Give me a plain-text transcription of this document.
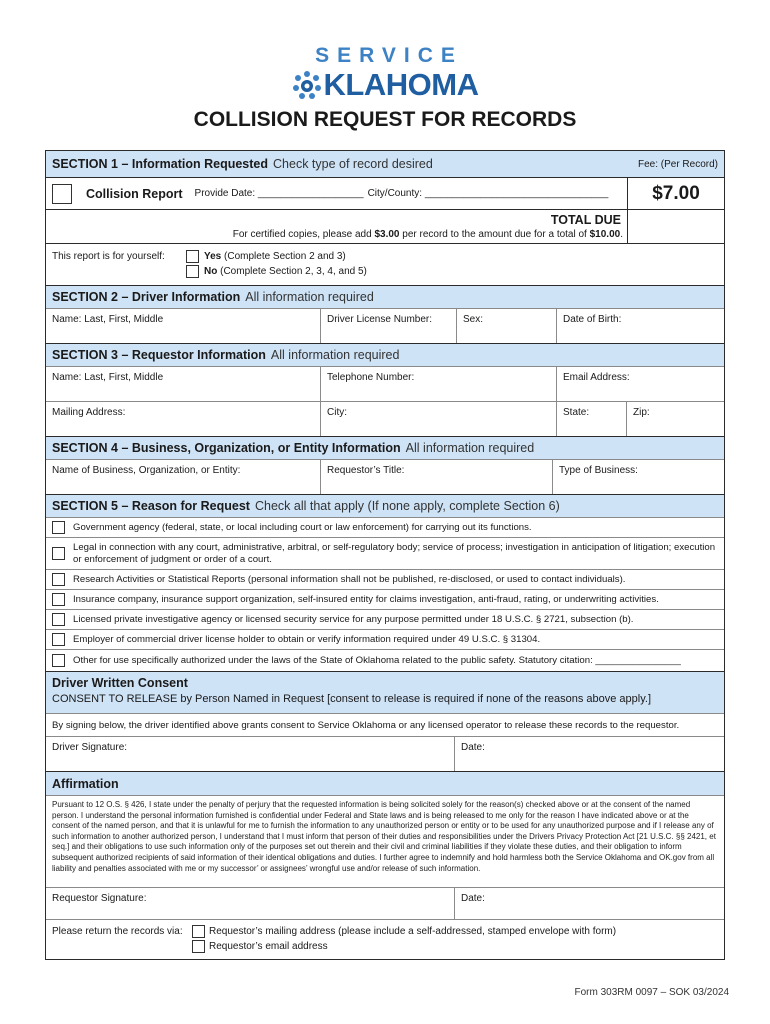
SERVICE
KLAHOMA
COLLISION REQUEST FOR RECORDS
SECTION 1 – Information Requested Check type of record desired	Fee: (Per Record)
Collision Report Provide Date: ___________________ City/County: _________________________________	$7.00
TOTAL DUE
For certified copies, please add $3.00 per record to the amount due for a total of $10.00.
This report is for yourself:	Yes (Complete Section 2 and 3)
No (Complete Section 2, 3, 4, and 5)
SECTION 2 – Driver Information All information required
Name: Last, First, Middle	Driver License Number:	Sex:	Date of Birth:
SECTION 3 – Requestor Information All information required
Name: Last, First, Middle	Telephone Number:	Email Address:
Mailing Address:	City:	State:	Zip:
SECTION 4 – Business, Organization, or Entity Information All information required
Name of Business, Organization, or Entity:	Requestor’s Title:	Type of Business:
SECTION 5 – Reason for Request Check all that apply (If none apply, complete Section 6)
Government agency (federal, state, or local including court or law enforcement) for carrying out its functions.
Legal in connection with any court, administrative, arbitral, or self-regulatory body; service of process; investigation in anticipation of litigation; execution or enforcement of judgment or order of a court.
Research Activities or Statistical Reports (personal information shall not be published, re-disclosed, or used to contact individuals).
Insurance company, insurance support organization, self-insured entity for claims investigation, anti-fraud, rating, or underwriting activities.
Licensed private investigative agency or licensed security service for any purpose permitted under 18 U.S.C. § 2721, subsection (b).
Employer of commercial driver license holder to obtain or verify information required under 49 U.S.C. § 31304.
Other for use specifically authorized under the laws of the State of Oklahoma related to the public safety. Statutory citation: ________________
Driver Written Consent
CONSENT TO RELEASE by Person Named in Request [consent to release is required if none of the reasons above apply.]
By signing below, the driver identified above grants consent to Service Oklahoma or any licensed operator to release these records to the requestor.
Driver Signature:	Date:
Affirmation
Pursuant to 12 O.S. § 426, I state under the penalty of perjury that the requested information is being solicited solely for the reason(s) checked above or at the consent of the named person. I understand the personal information furnished is confidential under Federal and State laws and is being released to me only for the reason I have indicated above or at the consent of the named person, and that it is unlawful for me to furnish the information to any unauthorized person or entity or to be used for any unauthorized purpose and if I release any of such information to another authorized person, I understand that I must inform that person of their duties and responsibilities under the Drivers Privacy Protection Act [21 U.S.C. §§ 2421, et seq.] and their obligations to use such information only of the purposes set out therein and their civil and criminal liabilities if they violate these duties, and their obligation to inform subsequent authorized recipients of said information of their identical obligations and duties. I further agree to indemnify and hold harmless both the Service Oklahoma and OK.gov from all liability and penalties associated with me or my successor’ or assignees’ wrongful use and/or release of such information.
Requestor Signature:	Date:
Please return the records via:	Requestor’s mailing address (please include a self-addressed, stamped envelope with form)
Requestor’s email address
Form 303RM 0097 – SOK 03/2024
